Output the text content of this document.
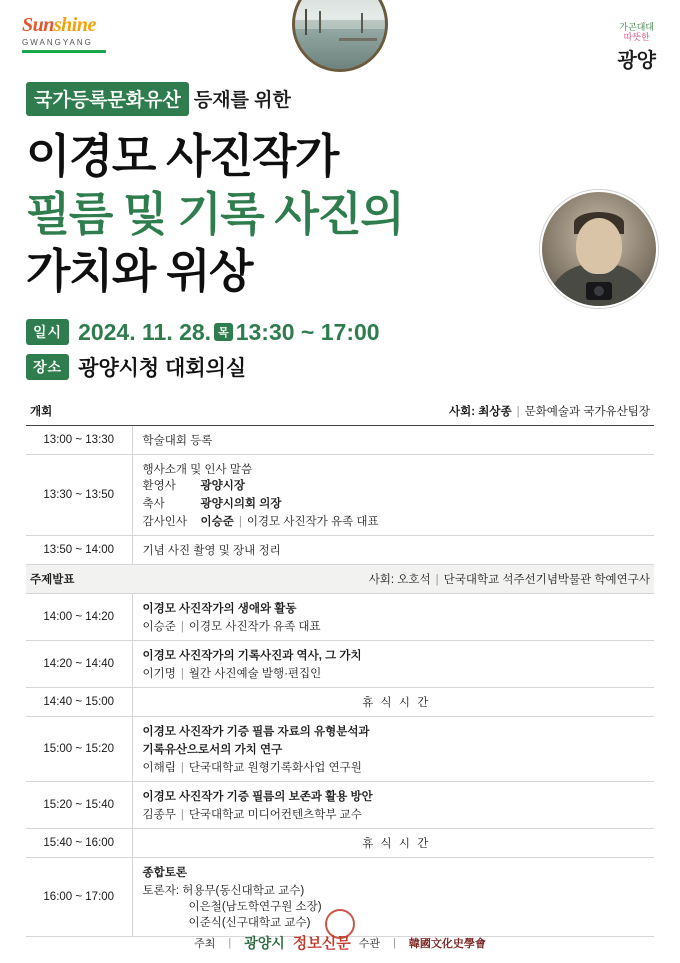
Sunshine
GWANGYANG
가곤대대
따뜻한
광양
국가등록문화유산 등재를 위한
이경모 사진작가
필름 및 기록 사진의
가치와 위상
일시 2024. 11. 28. 목 13:30 ~ 17:00
장소 광양시청 대회의실
개회	사회: 최상종 | 문화예술과 국가유산팀장
13:00 ~ 13:30	학술대회 등록
13:30 ~ 13:50	행사소개 및 인사 말씀
환영사	광양시장
축사	광양시의회 의장
감사인사	이승준 | 이경모 사진작가 유족 대표

13:50 ~ 14:00	기념 사진 촬영 및 장내 정리

주제발표 사회: 오호석 | 단국대학교 석주선기념박물관 학예연구사	

14:00 ~ 14:20	이경모 사진작가의 생애와 활동
이승준 | 이경모 사진작가 유족 대표

14:20 ~ 14:40	이경모 사진작가의 기록사진과 역사, 그 가치
이기명 | 월간 사진예술 발행·편집인

14:40 ~ 15:00	휴 식 시 간
15:00 ~ 15:20	이경모 사진작가 기증 필름 자료의 유형분석과
기록유산으로서의 가치 연구
이해림 | 단국대학교 원형기록화사업 연구원

15:20 ~ 15:40	이경모 사진작가 기증 필름의 보존과 활용 방안
김종무 | 단국대학교 미디어컨텐츠학부 교수

15:40 ~ 16:00	휴 식 시 간
16:00 ~ 17:00	종합토론
토론자: 허용무(동신대학교 교수)
이은철(남도학연구원 소장)
이준식(신구대학교 교수)
주최 | 광양시 정보신문 수관 | 韓國文化史學會
